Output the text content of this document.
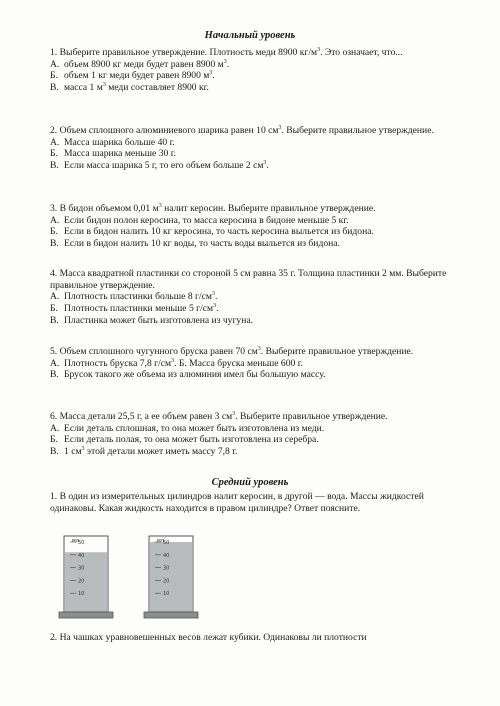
Начальный уровень

1. Выберите правильное утверждение. Плотность меди 8900 $кг/м^3$. Это означает, что...

А. объем 8900 кг меди будет равен 8900 $м^3$.

Б. объем 1 кг меди будет равен 8900 $м^3$.

В. масса 1 $м^3$ меди составляет 8900 кг.

2. Объем сплошного алюминиевого шарика равен 10 $см^3$. Выберите правильное утверждение.

А. Масса шарика больше 40 г.

Б. Масса шарика меньше 30 г.

В. Если масса шарика 5 г, то его объем больше 2 $см^3$.

3. В бидон объемом 0,01 $м^3$ налит керосин. Выберите правильное утверждение.

А. Если бидон полон керосина, то масса керосина в бидоне меньше 5 кг.

Б. Если в бидон налить 10 кг керосина, то часть керосина выльется из бидона.

В. Если в бидон налить 10 кг воды, то часть воды выльется из бидона.

4. Масса квадратной пластинки со стороной 5 см равна 35 г. Толщина пластинки 2 мм. Выберите правильное утверждение.

А. Плотность пластинки больше 8 $г/см^3$.

Б. Плотность пластинки меньше 5 $г/см^3$.

В. Пластинка может быть изготовлена из чугуна.

5. Объем сплошного чугунного бруска равен 70 $см^3$. Выберите правильное утверждение.

А. Плотность бруска 7,8 $г/см^3$. Б. Масса бруска меньше 600 г.

В. Брусок такого же объема из алюминия имел бы большую массу.

6. Масса детали 25,5 г, а ее объем равен 3 $см^3$. Выберите правильное утверждение.

А. Если деталь сплошная, то она может быть изготовлена из меди.

Б. Если деталь полая, то она может быть изготовлена из серебра.

В. 1 $см^3$ этой детали может иметь массу 7,8 г.

Средний уровень

1. В один из измерительных цилиндров налит керосин, в другой — вода. Массы жидкостей одинаковы. Какая жидкость находится в правом цилиндре? Ответ поясните.

мл 50
40
30
20
10
мл 50
40
30
20
10

2. На чашках уравновешенных весов лежат кубики. Одинаковы ли плотности
